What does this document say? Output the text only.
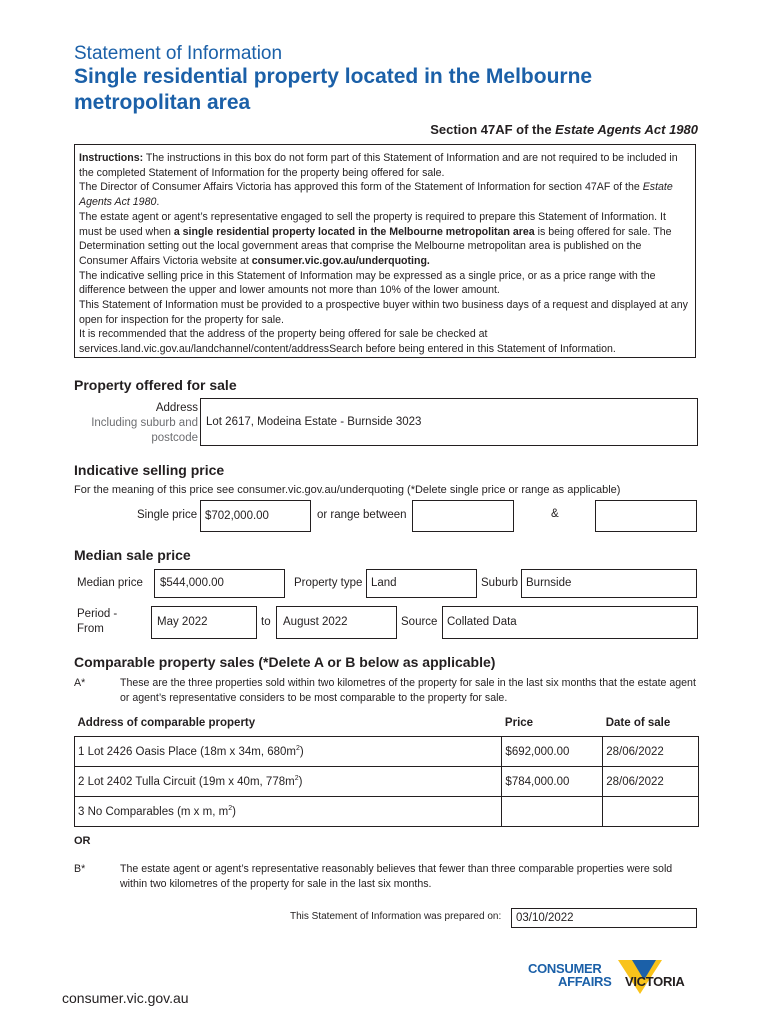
Statement of Information
Single residential property located in the Melbourne metropolitan area
Section 47AF of the Estate Agents Act 1980

Instructions: The instructions in this box do not form part of this Statement of Information and are not required to be included in the completed Statement of Information for the property being offered for sale.

The Director of Consumer Affairs Victoria has approved this form of the Statement of Information for section 47AF of the Estate Agents Act 1980.

The estate agent or agent’s representative engaged to sell the property is required to prepare this Statement of Information. It must be used when a single residential property located in the Melbourne metropolitan area is being offered for sale. The Determination setting out the local government areas that comprise the Melbourne metropolitan area is published on the Consumer Affairs Victoria website at consumer.vic.gov.au/underquoting.

The indicative selling price in this Statement of Information may be expressed as a single price, or as a price range with the difference between the upper and lower amounts not more than 10% of the lower amount.

This Statement of Information must be provided to a prospective buyer within two business days of a request and displayed at any open for inspection for the property for sale.

It is recommended that the address of the property being offered for sale be checked at services.land.vic.gov.au/landchannel/content/addressSearch before being entered in this Statement of Information.

Property offered for sale
Address
Including suburb and
postcode
Lot 2617, Modeina Estate - Burnside 3023
Indicative selling price
For the meaning of this price see consumer.vic.gov.au/underquoting (*Delete single price or range as applicable)
Single price $702,000.00	or range between	&
Median sale price
Median price	$544,000.00	Property type Land	Suburb Burnside
Period -
From
May 2022	to	August 2022	Source Collated Data
Comparable property sales (*Delete A or B below as applicable)
A*	These are the three properties sold within two kilometres of the property for sale in the last six months that the estate agent or agent’s representative considers to be most comparable to the property for sale.
Address of comparable property	Price	Date of sale
1 Lot 2426 Oasis Place (18m x 34m, $680m^2$)	$692,000.00	28/06/2022
2 Lot 2402 Tulla Circuit (19m x 40m, $778m^2$)	$784,000.00	28/06/2022
3 No Comparables (m x m, $m^2$)		
OR
B*	The estate agent or agent’s representative reasonably believes that fewer than three comparable properties were sold within two kilometres of the property for sale in the last six months.
This Statement of Information was prepared on:	03/10/2022
consumer.vic.gov.au
CONSUMER
AFFAIRS VICTORIA
